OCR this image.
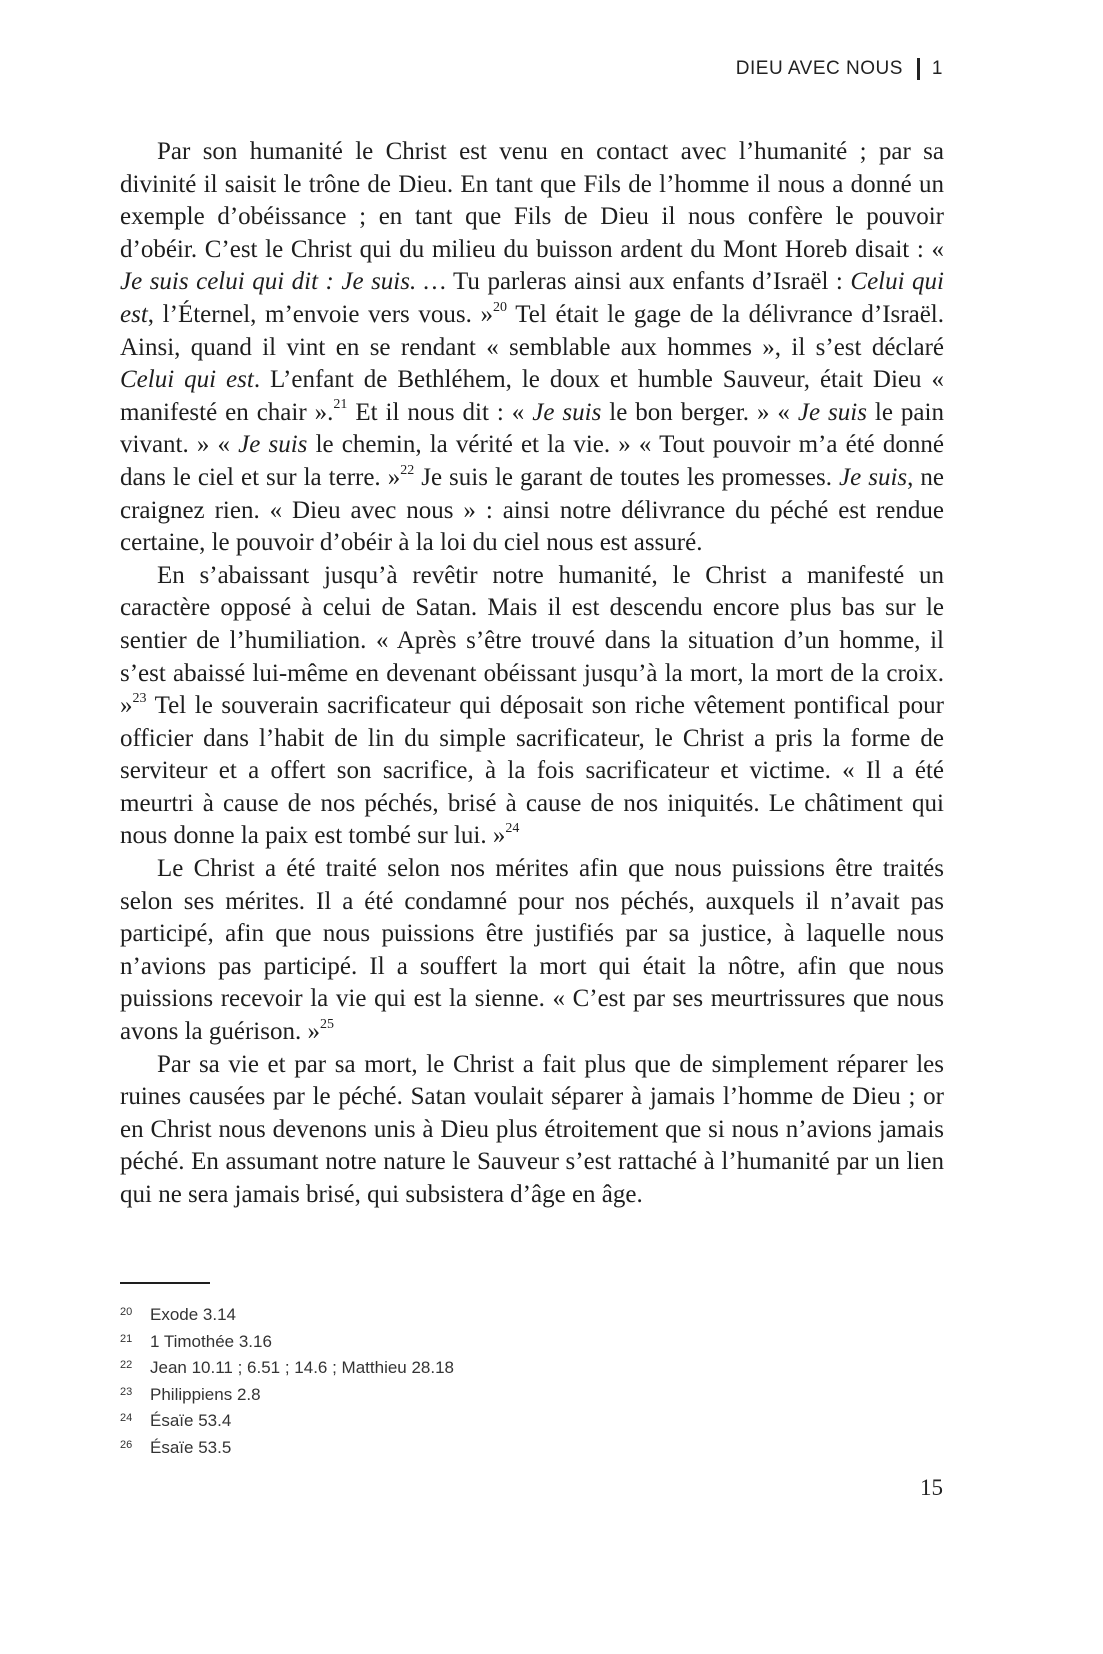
DIEU AVEC NOUS 1

Par son humanité le Christ est venu en contact avec l’humanité ; par sa divinité il saisit le trône de Dieu. En tant que Fils de l’homme il nous a donné un exemple d’obéissance ; en tant que Fils de Dieu il nous confère le pouvoir d’obéir. C’est le Christ qui du milieu du buisson ardent du Mont Horeb disait : « Je suis celui qui dit : Je suis. … Tu parleras ainsi aux enfants d’Israël : Celui qui est, l’Éternel, m’envoie vers vous. »$^{20}$ Tel était le gage de la délivrance d’Israël. Ainsi, quand il vint en se rendant « semblable aux hommes », il s’est déclaré Celui qui est. L’enfant de Bethléhem, le doux et humble Sauveur, était Dieu « manifesté en chair ».$^{21}$ Et il nous dit : « Je suis le bon berger. » « Je suis le pain vivant. » « Je suis le chemin, la vérité et la vie. » « Tout pouvoir m’a été donné dans le ciel et sur la terre. »$^{22}$ Je suis le garant de toutes les promesses. Je suis, ne craignez rien. « Dieu avec nous » : ainsi notre délivrance du péché est rendue certaine, le pouvoir d’obéir à la loi du ciel nous est assuré.

En s’abaissant jusqu’à revêtir notre humanité, le Christ a manifesté un caractère opposé à celui de Satan. Mais il est descendu encore plus bas sur le sentier de l’humiliation. « Après s’être trouvé dans la situation d’un homme, il s’est abaissé lui-même en devenant obéissant jusqu’à la mort, la mort de la croix. »$^{23}$ Tel le souverain sacrificateur qui déposait son riche vêtement pontifical pour officier dans l’habit de lin du simple sacrificateur, le Christ a pris la forme de serviteur et a offert son sacrifice, à la fois sacrificateur et victime. « Il a été meurtri à cause de nos péchés, brisé à cause de nos iniquités. Le châtiment qui nous donne la paix est tombé sur lui. »$^{24}$

Le Christ a été traité selon nos mérites afin que nous puissions être traités selon ses mérites. Il a été condamné pour nos péchés, auxquels il n’avait pas participé, afin que nous puissions être justifiés par sa justice, à laquelle nous n’avions pas participé. Il a souffert la mort qui était la nôtre, afin que nous puissions recevoir la vie qui est la sienne. « C’est par ses meurtrissures que nous avons la guérison. »$^{25}$

Par sa vie et par sa mort, le Christ a fait plus que de simplement réparer les ruines causées par le péché. Satan voulait séparer à jamais l’homme de Dieu ; or en Christ nous devenons unis à Dieu plus étroitement que si nous n’avions jamais péché. En assumant notre nature le Sauveur s’est rattaché à l’humanité par un lien qui ne sera jamais brisé, qui subsistera d’âge en âge.

20	Exode 3.14
21	1 Timothée 3.16
22	Jean 10.11 ; 6.51 ; 14.6 ; Matthieu 28.18
23	Philippiens 2.8
24	Ésaïe 53.4
26	Ésaïe 53.5
15
